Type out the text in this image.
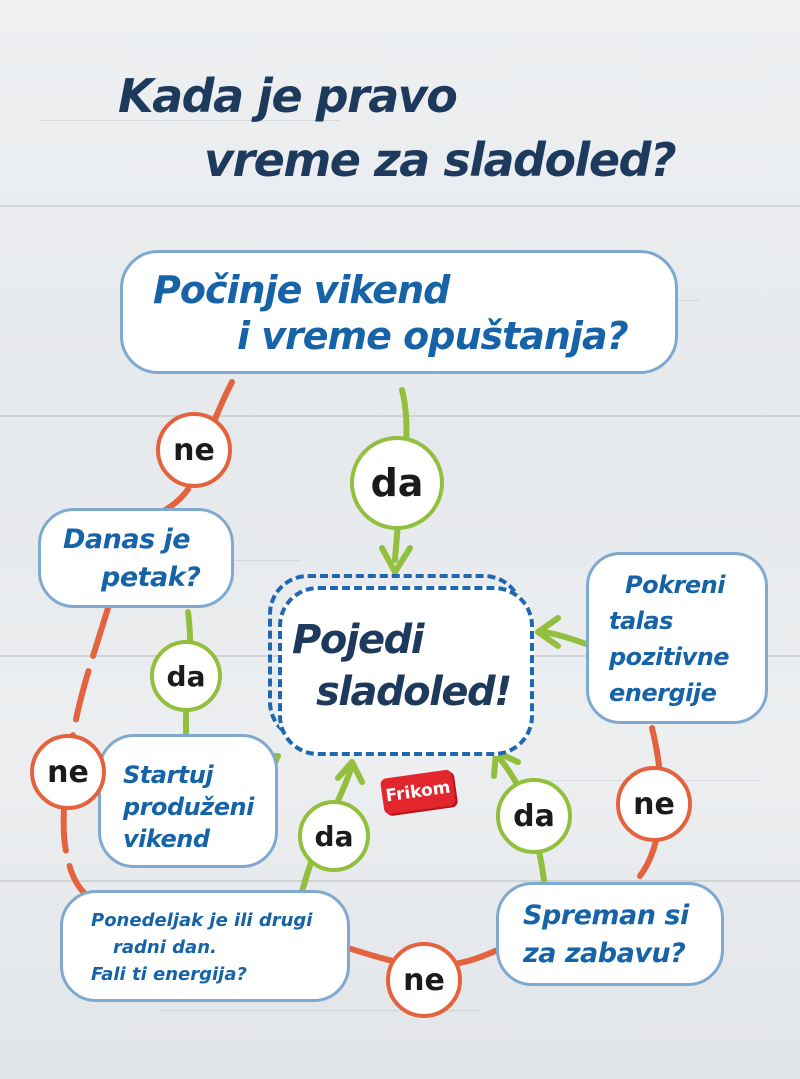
Kada je pravo
vreme za sladoled?
Počinje vikend
i vreme opuštanja?
Danas je
petak?
Startuj
produženi
vikend
Ponedeljak je ili drugi
radni dan.
Fali ti energija?
Spreman si
za zabavu?
Pokreni
talas
pozitivne
energije

Pojedi
sladoled!

Frikom
ne
ne
ne
ne
da
da
da
da
